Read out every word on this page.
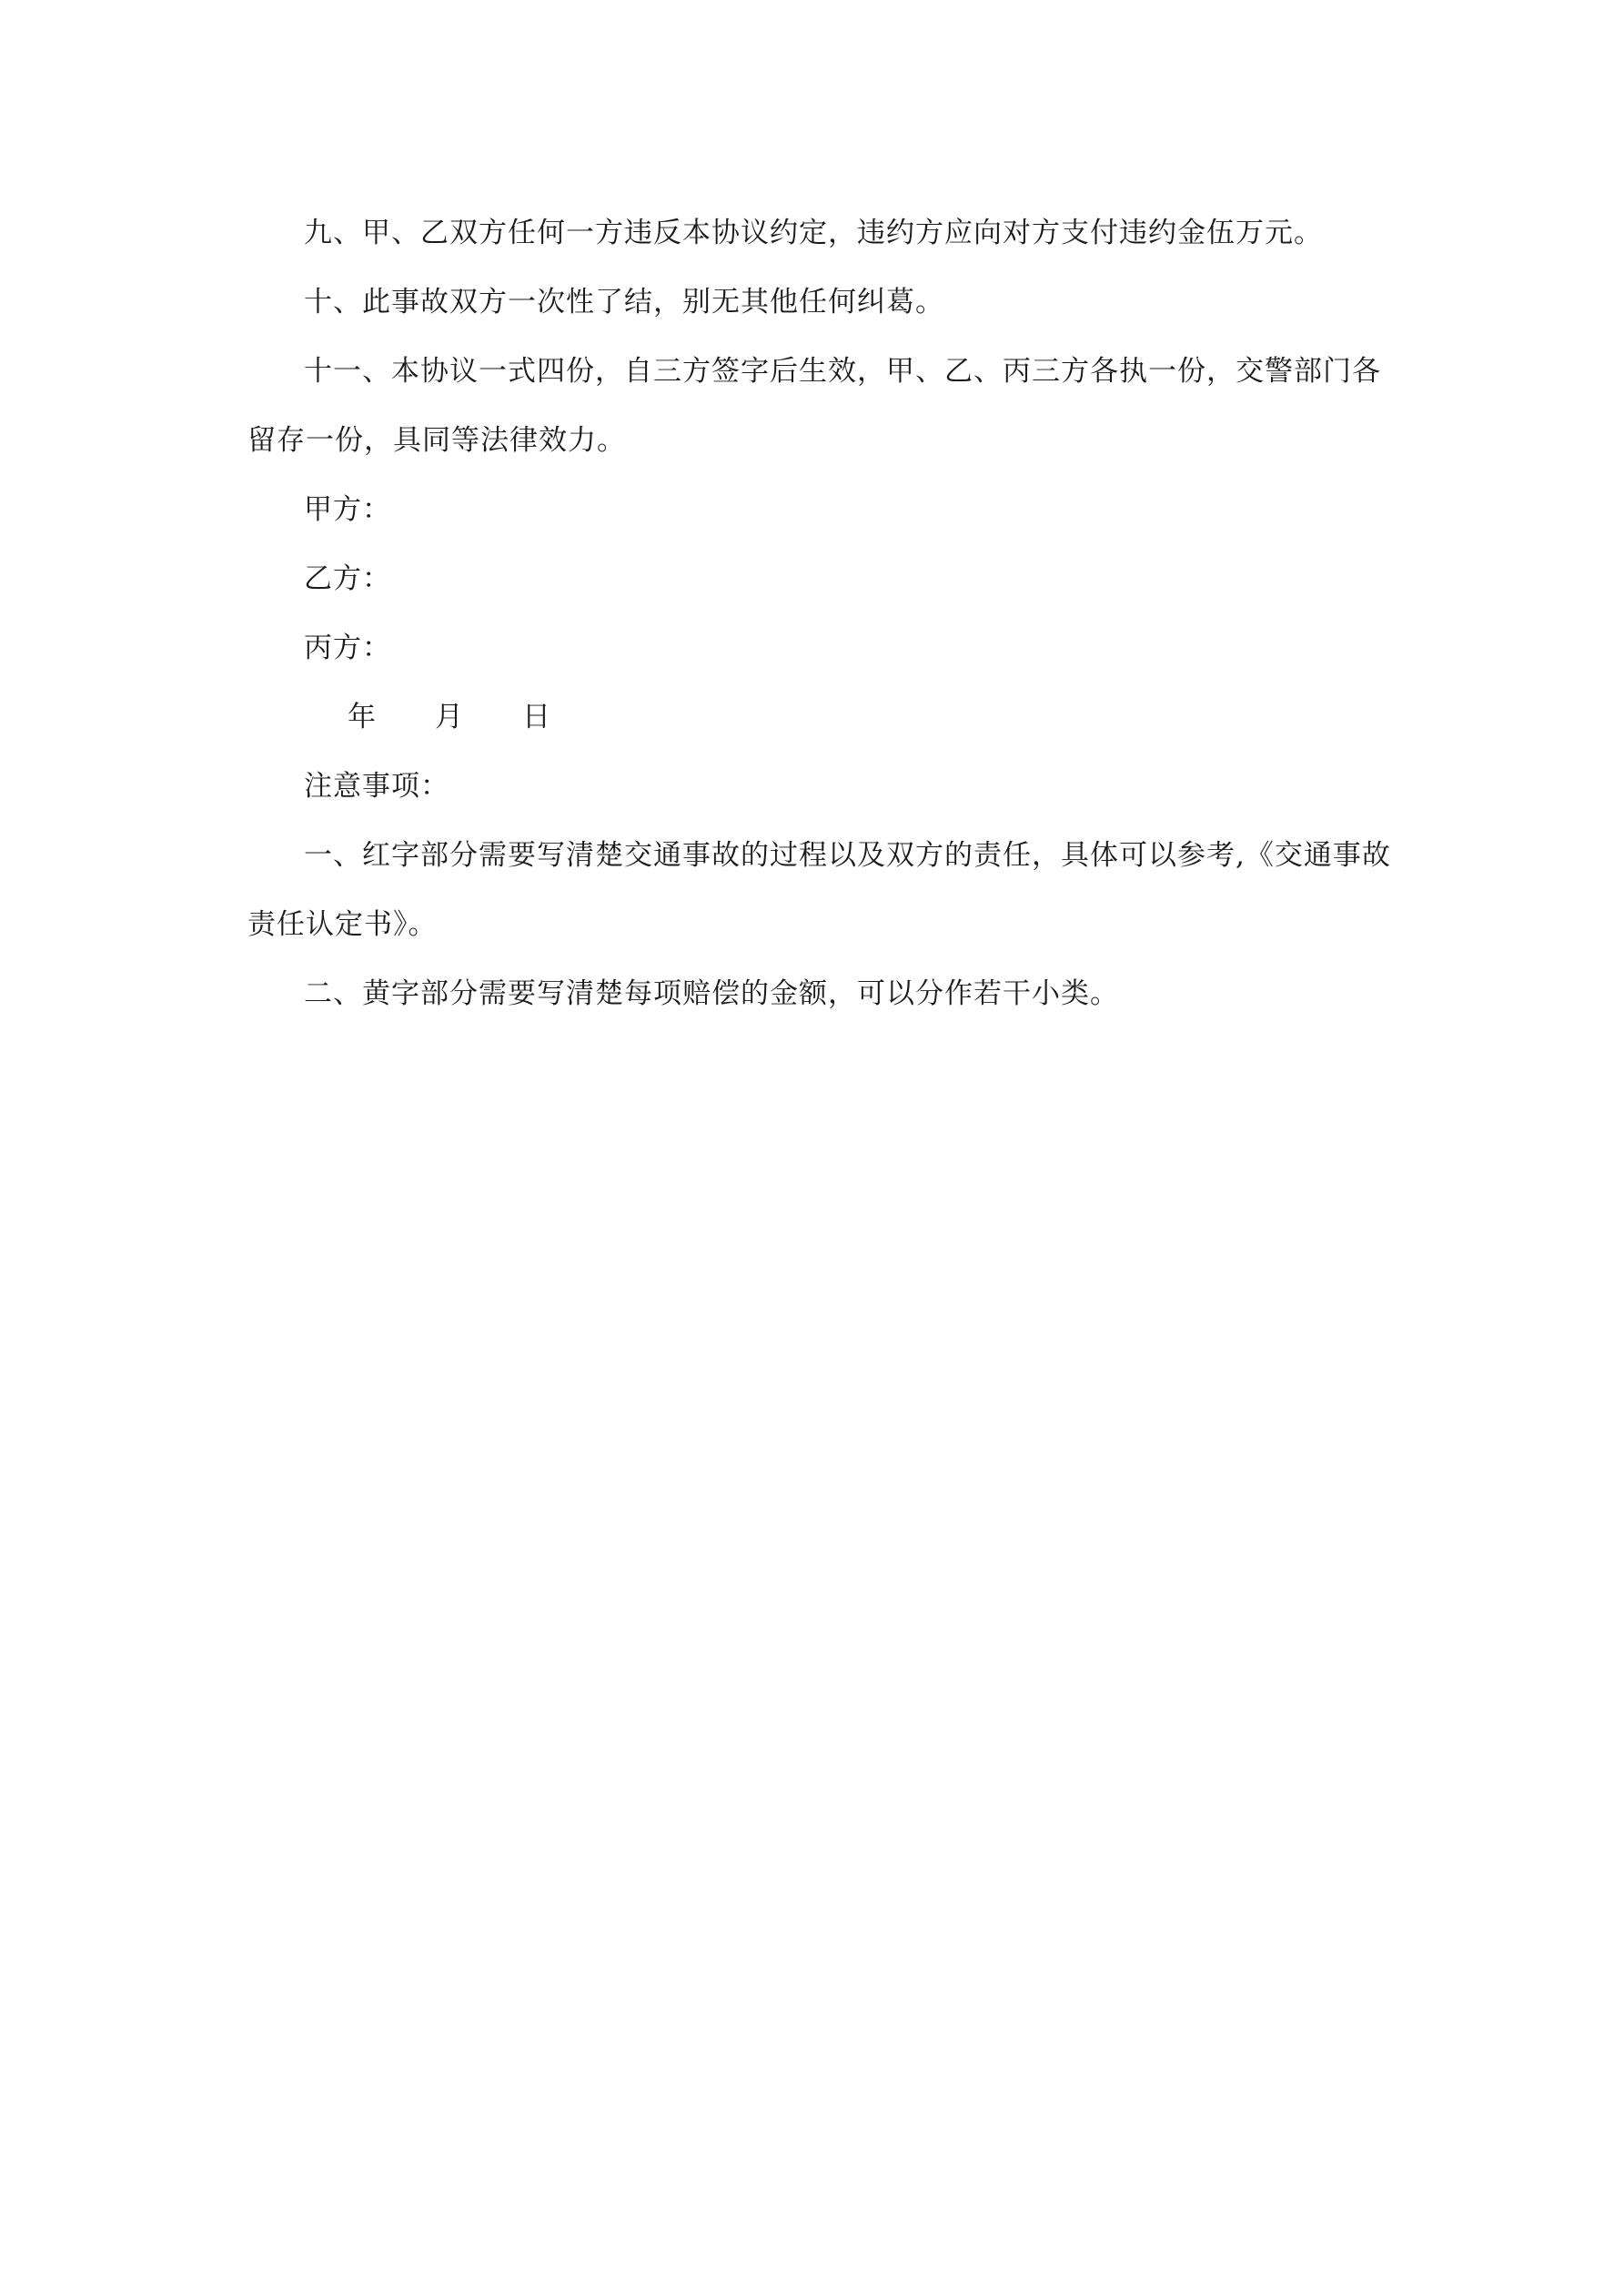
九、甲、乙双方任何一方违反本协议约定，违约方应向对方支付违约金伍万元。

十、此事故双方一次性了结，别无其他任何纠葛。

十一、本协议一式四份，自三方签字后生效，甲、乙、丙三方各执一份，交警部门各留存一份，具同等法律效力。

甲方：

乙方：

丙方：

年 月 日

注意事项：

一、红字部分需要写清楚交通事故的过程以及双方的责任，具体可以参考,《交通事故责任认定书》。

二、黄字部分需要写清楚每项赔偿的金额，可以分作若干小类。
